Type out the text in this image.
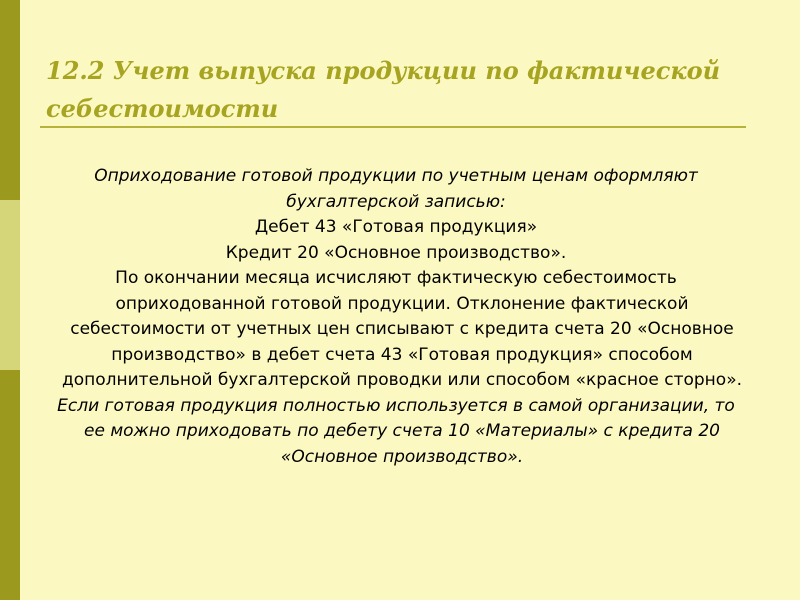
12.2 Учет выпуска продукции по фактической себестоимости

Оприходование готовой продукции по учетным ценам оформляют бухгалтерской записью:

Дебет 43 «Готовая продукция»

Кредит 20 «Основное производство».

По окончании месяца исчисляют фактическую себестоимость оприходованной готовой продукции. Отклонение фактической себестоимости от учетных цен списывают с кредита счета 20 «Основное производство» в дебет счета 43 «Готовая продукция» способом дополнительной бухгалтерской проводки или способом «красное сторно».

Если готовая продукция полностью используется в самой организации, то ее можно приходовать по дебету счета 10 «Материалы» с кредита 20 «Основное производство».
